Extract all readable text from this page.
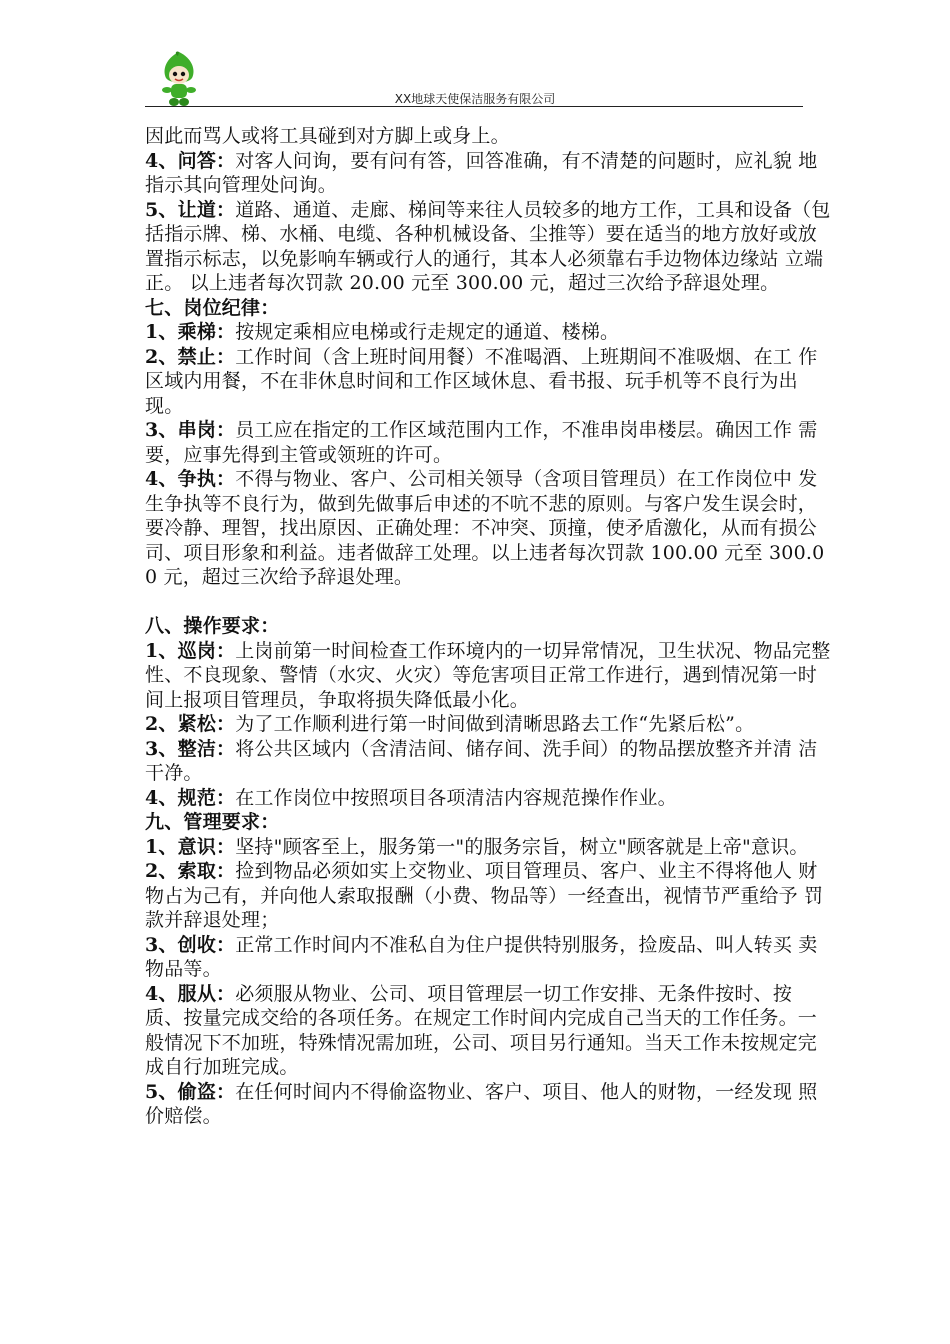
XX地球天使保洁服务有限公司

因此而骂人或将工具碰到对方脚上或身上。

4、问答：对客人问询，要有问有答，回答准确，有不清楚的问题时，应礼貌 地指示其向管理处问询。

5、让道：道路、通道、走廊、梯间等来往人员较多的地方工作，工具和设备（包括指示牌、梯、水桶、电缆、各种机械设备、尘推等）要在适当的地方放好或放置指示标志，以免影响车辆或行人的通行，其本人必须靠右手边物体边缘站 立端正。 以上违者每次罚款 20.00 元至 300.00 元，超过三次给予辞退处理。

七、岗位纪律：

1、乘梯：按规定乘相应电梯或行走规定的通道、楼梯。

2、禁止：工作时间（含上班时间用餐）不准喝酒、上班期间不准吸烟、在工 作区域内用餐，不在非休息时间和工作区域休息、看书报、玩手机等不良行为出 现。

3、串岗：员工应在指定的工作区域范围内工作，不准串岗串楼层。确因工作 需要，应事先得到主管或领班的许可。

4、争执：不得与物业、客户、公司相关领导（含项目管理员）在工作岗位中 发生争执等不良行为，做到先做事后申述的不吭不悲的原则。与客户发生误会时， 要冷静、理智，找出原因、正确处理：不冲突、顶撞，使矛盾激化，从而有损公 司、项目形象和利益。违者做辞工处理。以上违者每次罚款 100.00 元至 300.00 元，超过三次给予辞退处理。

八、操作要求：

1、巡岗：上岗前第一时间检查工作环境内的一切异常情况，卫生状况、物品完整性、不良现象、警情（水灾、火灾）等危害项目正常工作进行，遇到情况第一时间上报项目管理员，争取将损失降低最小化。

2、紧松：为了工作顺利进行第一时间做到清晰思路去工作“先紧后松”。

3、整洁：将公共区域内（含清洁间、储存间、洗手间）的物品摆放整齐并清 洁干净。

4、规范：在工作岗位中按照项目各项清洁内容规范操作作业。

九、管理要求：

1、意识：坚持"顾客至上，服务第一"的服务宗旨，树立"顾客就是上帝"意识。

2、索取：捡到物品必须如实上交物业、项目管理员、客户、业主不得将他人 财物占为己有，并向他人索取报酬（小费、物品等）一经查出，视情节严重给予 罚款并辞退处理；

3、创收：正常工作时间内不准私自为住户提供特别服务，捡废品、叫人转买 卖物品等。

4、服从：必须服从物业、公司、项目管理层一切工作安排、无条件按时、按 质、按量完成交给的各项任务。在规定工作时间内完成自己当天的工作任务。一 般情况下不加班，特殊情况需加班，公司、项目另行通知。当天工作未按规定完成自行加班完成。

5、偷盗：在任何时间内不得偷盗物业、客户、项目、他人的财物，一经发现 照价赔偿。
